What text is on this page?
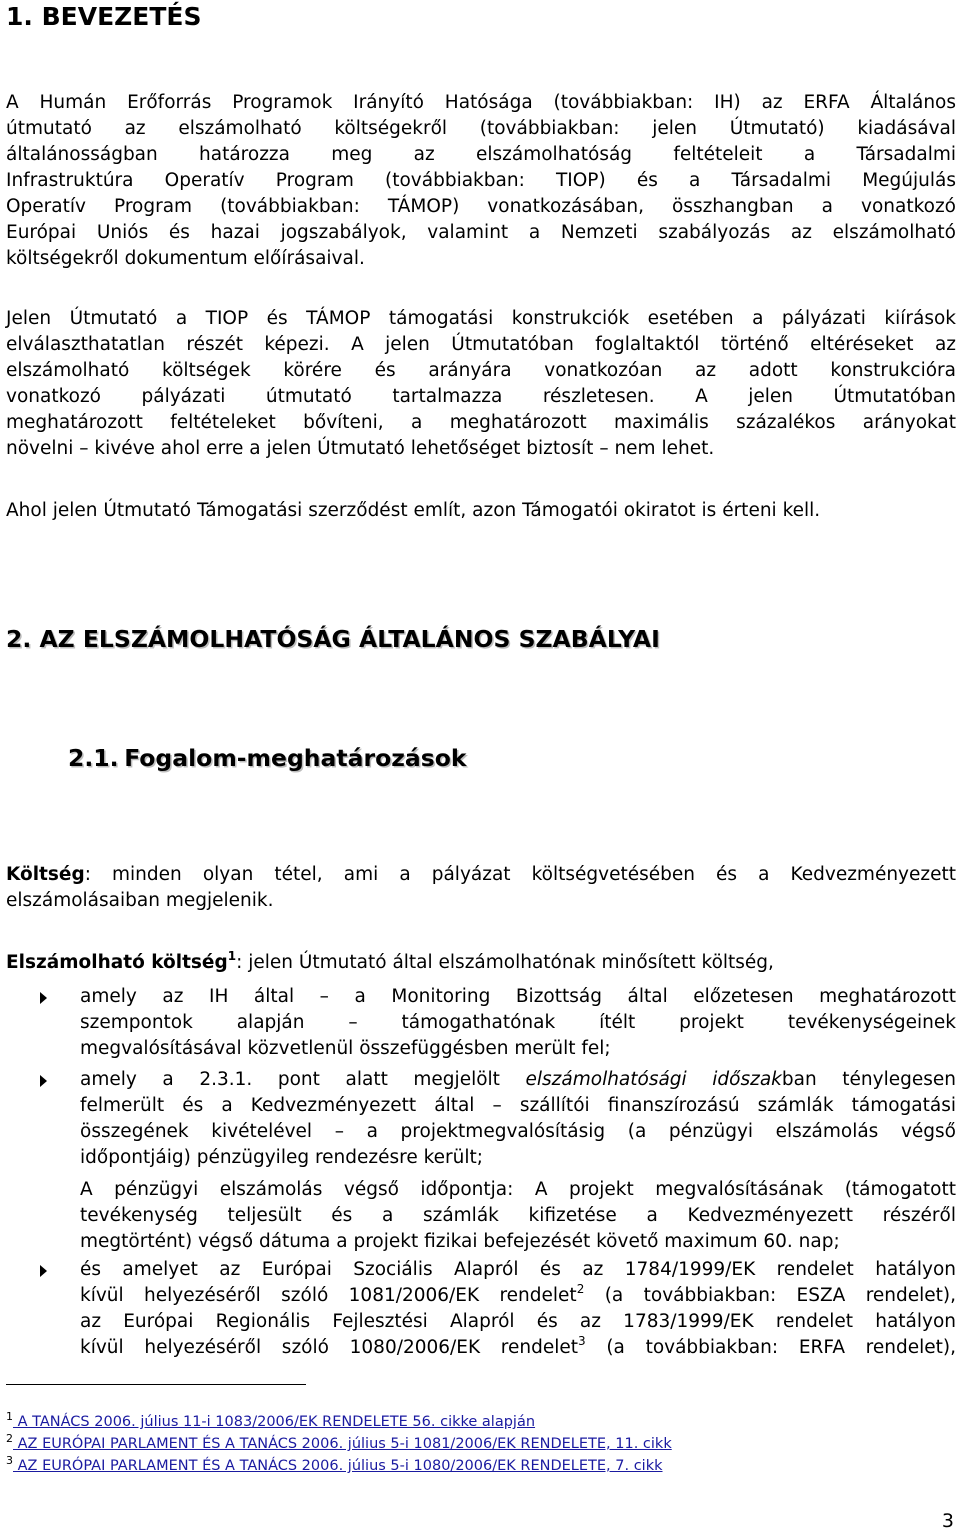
1. BEVEZETÉS

A Humán Erőforrás Programok Irányító Hatósága (továbbiakban: IH) az ERFA Általános

útmutató az elszámolható költségekről (továbbiakban: jelen Útmutató) kiadásával

általánosságban határozza meg az elszámolhatóság feltételeit a Társadalmi

Infrastruktúra Operatív Program (továbbiakban: TIOP) és a Társadalmi Megújulás

Operatív Program (továbbiakban: TÁMOP) vonatkozásában, összhangban a vonatkozó

Európai Uniós és hazai jogszabályok, valamint a Nemzeti szabályozás az elszámolható

költségekről dokumentum előírásaival.

Jelen Útmutató a TIOP és TÁMOP támogatási konstrukciók esetében a pályázati kiírások

elválaszthatatlan részét képezi. A jelen Útmutatóban foglaltaktól történő eltéréseket az

elszámolható költségek körére és arányára vonatkozóan az adott konstrukcióra

vonatkozó pályázati útmutató tartalmazza részletesen. A jelen Útmutatóban

meghatározott feltételeket bővíteni, a meghatározott maximális százalékos arányokat

növelni – kivéve ahol erre a jelen Útmutató lehetőséget biztosít – nem lehet.

Ahol jelen Útmutató Támogatási szerződést említ, azon Támogatói okiratot is érteni kell.

2. AZ ELSZÁMOLHATÓSÁG ÁLTALÁNOS SZABÁLYAI
2.1. Fogalom-meghatározások

Költség: minden olyan tétel, ami a pályázat költségvetésében és a Kedvezményezett

elszámolásaiban megjelenik.

Elszámolható költség$^1$: jelen Útmutató által elszámolhatónak minősített költség,

amely az IH által – a Monitoring Bizottság által előzetesen meghatározott

szempontok alapján – támogathatónak ítélt projekt tevékenységeinek

megvalósításával közvetlenül összefüggésben merült fel;

amely a 2.3.1. pont alatt megjelölt elszámolhatósági időszakban ténylegesen

felmerült és a Kedvezményezett által – szállítói finanszírozású számlák támogatási

összegének kivételével – a projektmegvalósításig (a pénzügyi elszámolás végső

időpontjáig) pénzügyileg rendezésre került;

A pénzügyi elszámolás végső időpontja: A projekt megvalósításának (támogatott

tevékenység teljesült és a számlák kifizetése a Kedvezményezett részéről

megtörtént) végső dátuma a projekt fizikai befejezését követő maximum 60. nap;

és amelyet az Európai Szociális Alapról és az 1784/1999/EK rendelet hatályon

kívül helyezéséről szóló 1081/2006/EK rendelet$^2$ (a továbbiakban: ESZA rendelet),

az Európai Regionális Fejlesztési Alapról és az 1783/1999/EK rendelet hatályon

kívül helyezéséről szóló 1080/2006/EK rendelet$^3$ (a továbbiakban: ERFA rendelet),

$^1$ A TANÁCS 2006. július 11-i 1083/2006/EK RENDELETE 56. cikke alapján
$^2$ AZ EURÓPAI PARLAMENT ÉS A TANÁCS 2006. július 5-i 1081/2006/EK RENDELETE, 11. cikk
$^3$ AZ EURÓPAI PARLAMENT ÉS A TANÁCS 2006. július 5-i 1080/2006/EK RENDELETE, 7. cikk
3
